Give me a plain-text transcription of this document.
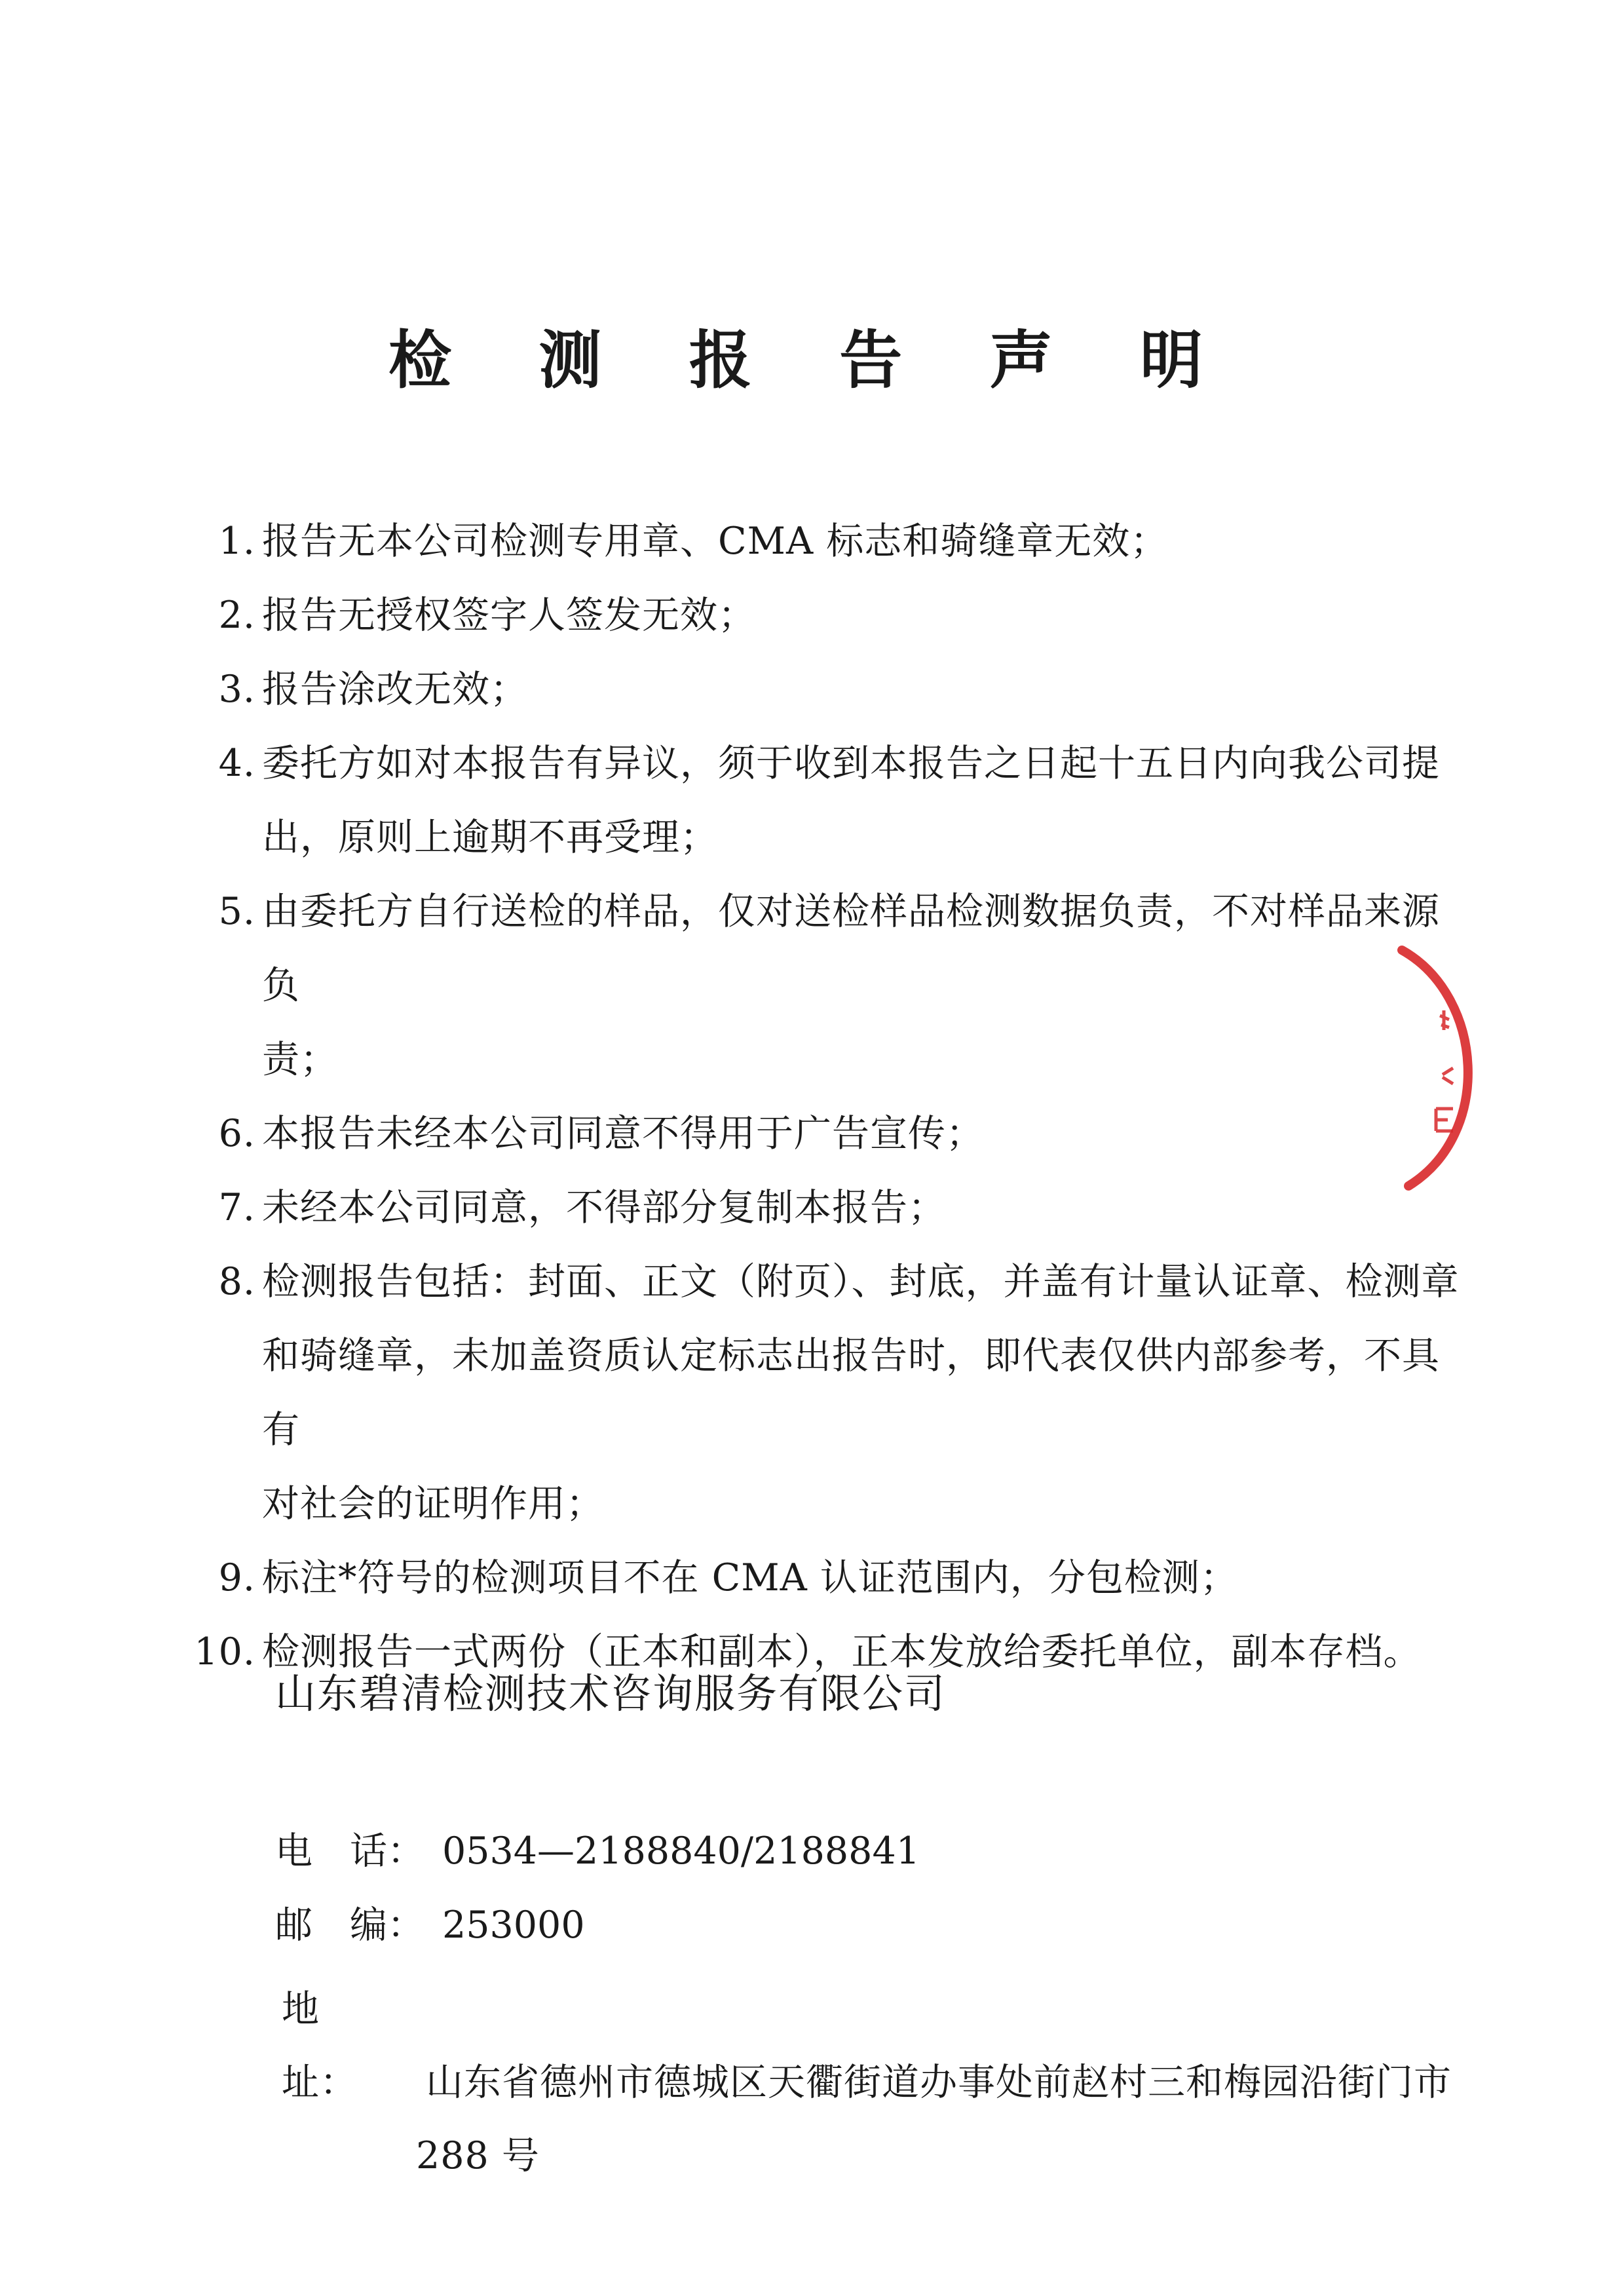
检 测 报 告 声 明
1. 报告无本公司检测专用章、CMA 标志和骑缝章无效；
2. 报告无授权签字人签发无效；
3. 报告涂改无效；
4. 委托方如对本报告有异议，须于收到本报告之日起十五日内向我公司提
出，原则上逾期不再受理；
5. 由委托方自行送检的样品，仅对送检样品检测数据负责，不对样品来源负
责；
6. 本报告未经本公司同意不得用于广告宣传；
7. 未经本公司同意，不得部分复制本报告；
8. 检测报告包括：封面、正文（附页）、封底，并盖有计量认证章、检测章
和骑缝章，未加盖资质认定标志出报告时，即代表仅供内部参考，不具有
对社会的证明作用；
9. 标注*符号的检测项目不在 CMA 认证范围内，分包检测；
10. 检测报告一式两份（正本和副本），正本发放给委托单位，副本存档。
山东碧清检测技术咨询服务有限公司
电　话： 0534—2188840/2188841
邮　编： 253000
地　址： 山东省德州市德城区天衢街道办事处前赵村三和梅园沿街门市
288 号
